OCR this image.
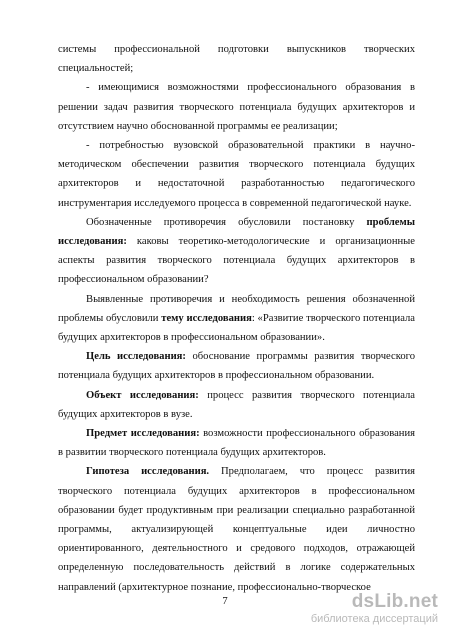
системы профессиональной подготовки выпускников творческих специальностей;

- имеющимися возможностями профессионального образования в решении задач развития творческого потенциала будущих архитекторов и отсутствием научно обоснованной программы ее реализации;

- потребностью вузовской образовательной практики в научно-методическом обеспечении развития творческого потенциала будущих архитекторов и недостаточной разработанностью педагогического инструментария исследуемого процесса в современной педагогической науке.

Обозначенные противоречия обусловили постановку проблемы исследования: каковы теоретико-методологические и организационные аспекты развития творческого потенциала будущих архитекторов в профессиональном образовании?

Выявленные противоречия и необходимость решения обозначенной проблемы обусловили тему исследования: «Развитие творческого потенциала будущих архитекторов в профессиональном образовании».

Цель исследования: обоснование программы развития творческого потенциала будущих архитекторов в профессиональном образовании.

Объект исследования: процесс развития творческого потенциала будущих архитекторов в вузе.

Предмет исследования: возможности профессионального образования в развитии творческого потенциала будущих архитекторов.

Гипотеза исследования. Предполагаем, что процесс развития творческого потенциала будущих архитекторов в профессиональном образовании будет продуктивным при реализации специально разработанной программы, актуализирующей концептуальные идеи личностно ориентированного, деятельностного и средового подходов, отражающей определенную последовательность действий в логике содержательных направлений (архитектурное познание, профессионально-творческое

7	dsLib.net
библиотека диссертаций
